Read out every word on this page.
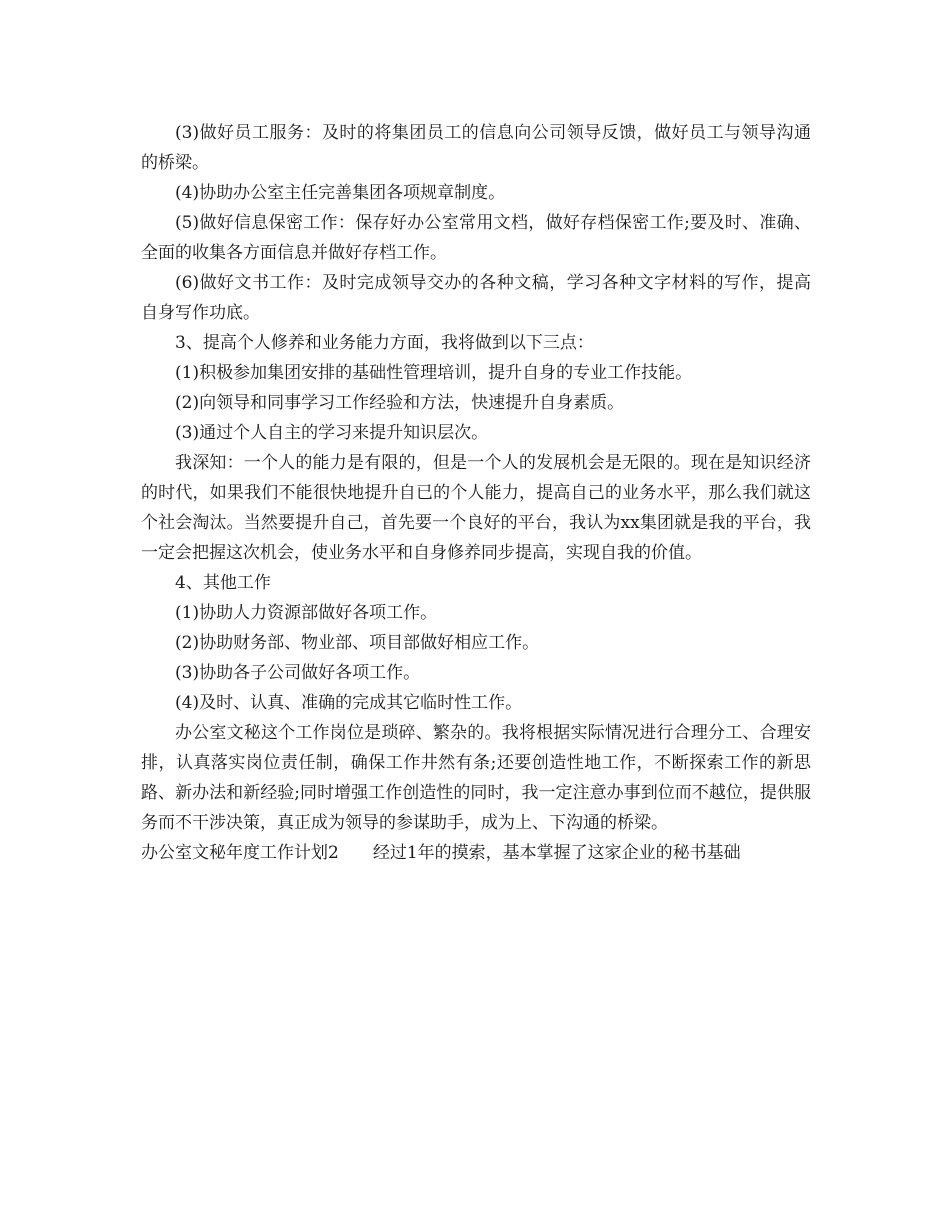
(3)做好员工服务：及时的将集团员工的信息向公司领导反馈，做好员工与领导沟通的桥梁。

(4)协助办公室主任完善集团各项规章制度。

(5)做好信息保密工作：保存好办公室常用文档，做好存档保密工作;要及时、准确、全面的收集各方面信息并做好存档工作。

(6)做好文书工作：及时完成领导交办的各种文稿，学习各种文字材料的写作，提高自身写作功底。

3、提高个人修养和业务能力方面，我将做到以下三点：

(1)积极参加集团安排的基础性管理培训，提升自身的专业工作技能。

(2)向领导和同事学习工作经验和方法，快速提升自身素质。

(3)通过个人自主的学习来提升知识层次。

我深知：一个人的能力是有限的，但是一个人的发展机会是无限的。现在是知识经济的时代，如果我们不能很快地提升自已的个人能力，提高自己的业务水平，那么我们就这个社会淘汰。当然要提升自己，首先要一个良好的平台，我认为xx集团就是我的平台，我一定会把握这次机会，使业务水平和自身修养同步提高，实现自我的价值。

4、其他工作

(1)协助人力资源部做好各项工作。

(2)协助财务部、物业部、项目部做好相应工作。

(3)协助各子公司做好各项工作。

(4)及时、认真、准确的完成其它临时性工作。

办公室文秘这个工作岗位是琐碎、繁杂的。我将根据实际情况进行合理分工、合理安排，认真落实岗位责任制，确保工作井然有条;还要创造性地工作，不断探索工作的新思路、新办法和新经验;同时增强工作创造性的同时，我一定注意办事到位而不越位，提供服务而不干涉决策，真正成为领导的参谋助手，成为上、下沟通的桥梁。

办公室文秘年度工作计划2　　经过1年的摸索，基本掌握了这家企业的秘书基础
